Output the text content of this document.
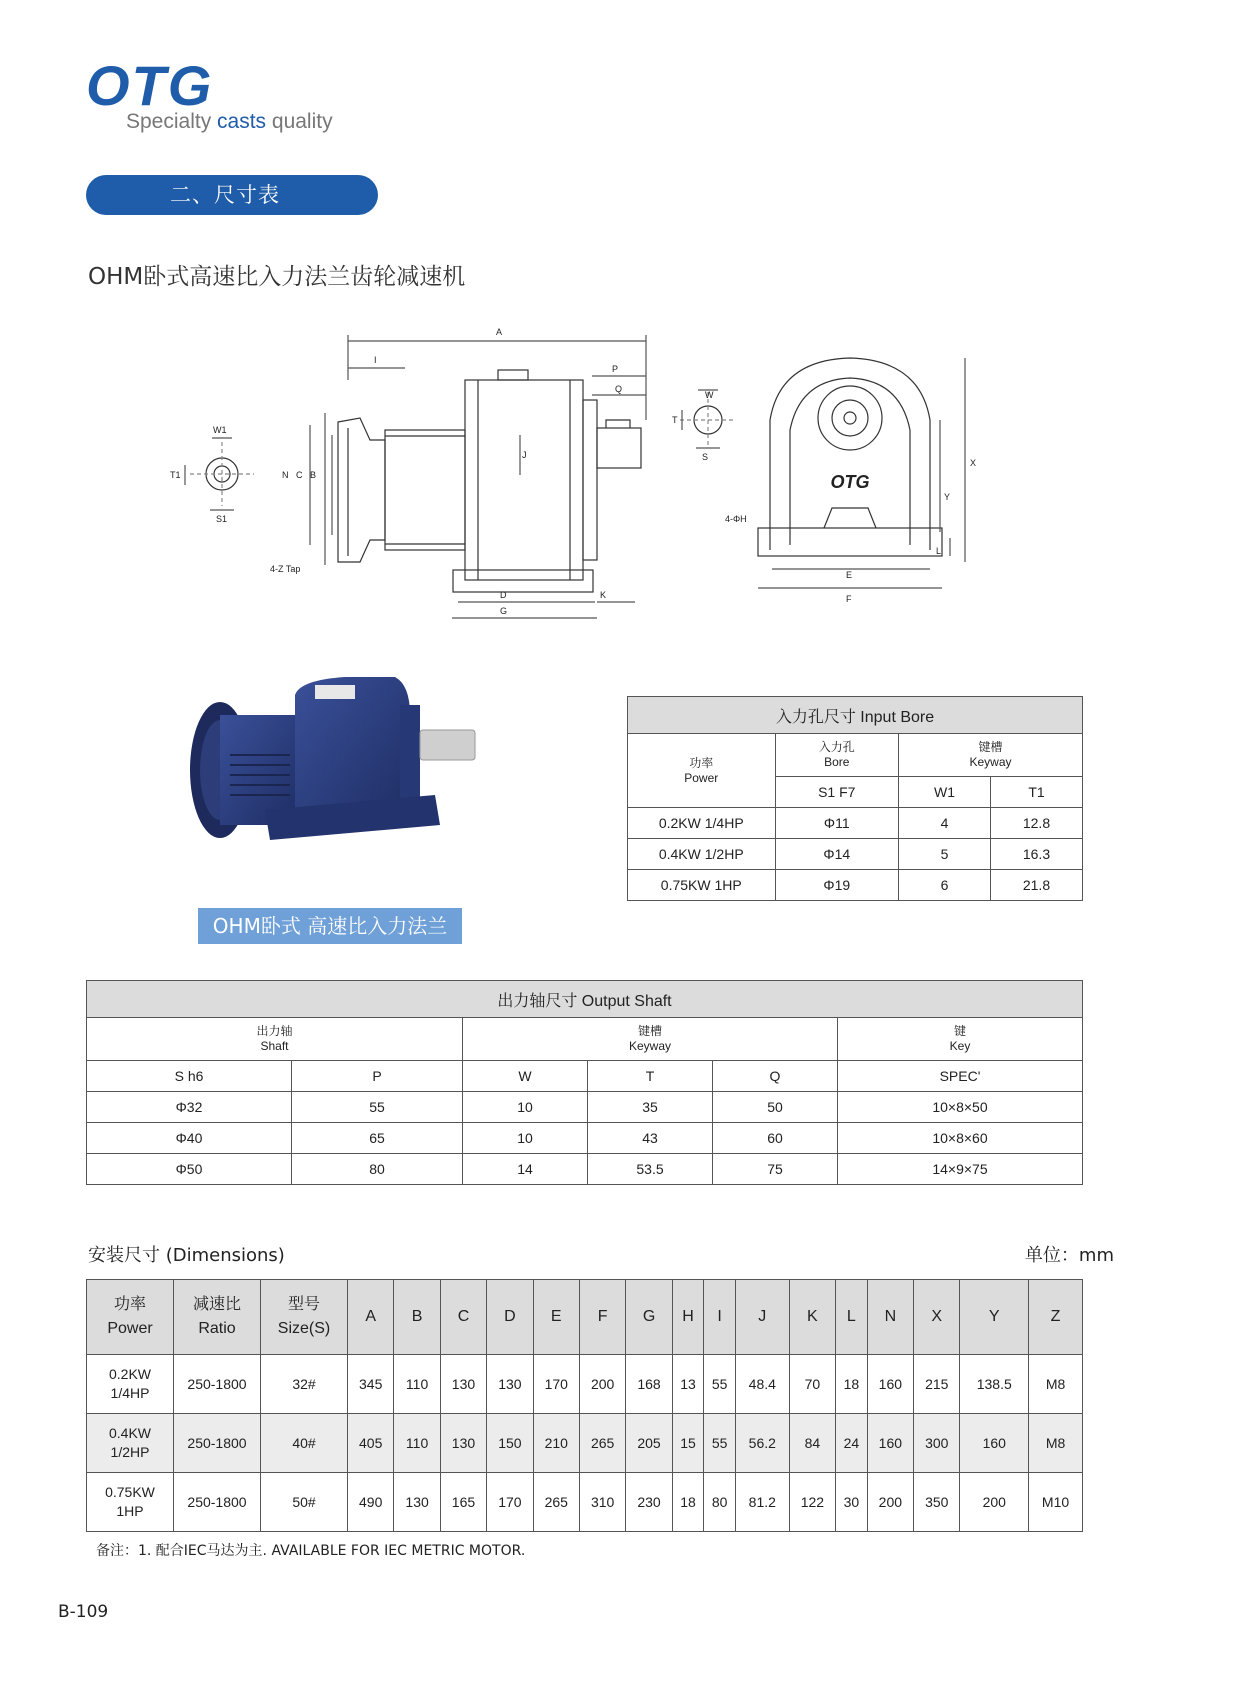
OTG
Specialty casts quality
二、尺寸表
OHM卧式高速比入力法兰齿轮减速机
OTG
A
I
P
Q
W1
T1
S1
N C B
J
D
G
K
W
T
S
X
Y
L
E
F
4-Z Tap
4-ΦH
OHM卧式 高速比入力法兰
入力孔尺寸 Input Bore			
功率
Power	入力孔
Bore	键槽
Keyway	
	S1 F7	W1	T1
0.2KW 1/4HP	Φ11	4	12.8
0.4KW 1/2HP	Φ14	5	16.3
0.75KW 1HP	Φ19	6	21.8
出力轴尺寸 Output Shaft					
出力轴
Shaft		键槽
Keyway			键
Key
S h6	P	W	T	Q	SPEC'
Φ32	55	10	35	50	10×8×50
Φ40	65	10	43	60	10×8×60
Φ50	80	14	53.5	75	14×9×75
安装尺寸 (Dimensions)	单位：mm
功率
Power	减速比
Ratio	型号
Size(S)	A	B	C	D	E	F	G	H	I	J	K	L	N	X	Y	Z
0.2KW
1/4HP	250-1800	32#	345	110	130	130	170	200	168	13	55	48.4	70	18	160	215	138.5	M8
0.4KW
1/2HP	250-1800	40#	405	110	130	150	210	265	205	15	55	56.2	84	24	160	300	160	M8
0.75KW
1HP	250-1800	50#	490	130	165	170	265	310	230	18	80	81.2	122	30	200	350	200	M10
备注：1. 配合IEC马达为主. AVAILABLE FOR IEC METRIC MOTOR.
B-109
